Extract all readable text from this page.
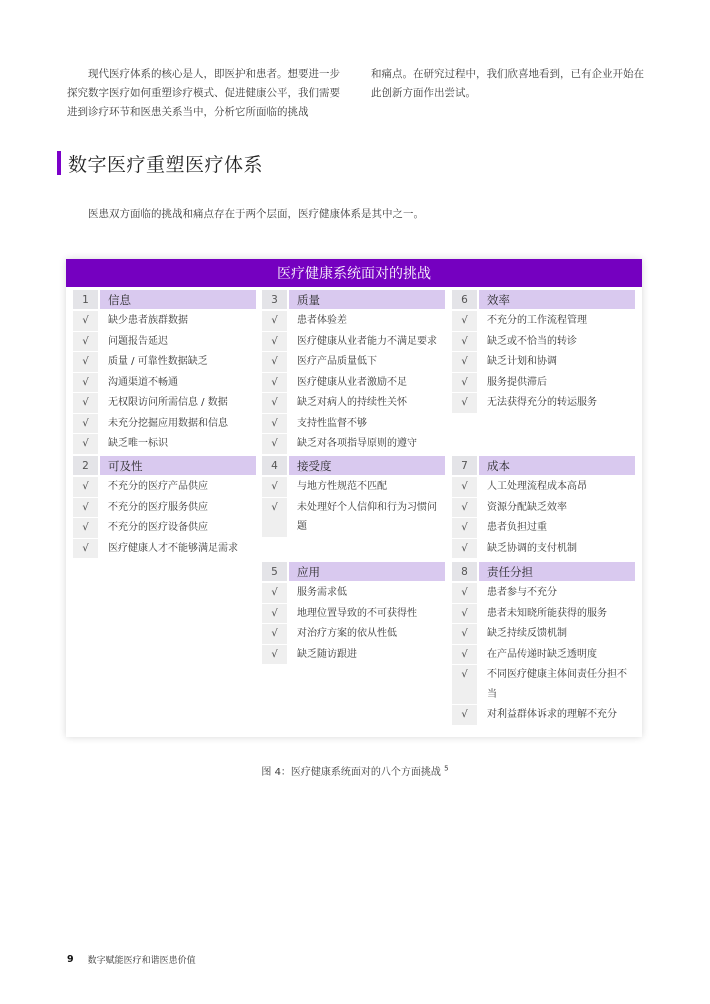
现代医疗体系的核心是人，即医护和患者。想要进一步探究数字医疗如何重塑诊疗模式、促进健康公平，我们需要进到诊疗环节和医患关系当中，分析它所面临的挑战

和痛点。在研究过程中，我们欣喜地看到，已有企业开始在此创新方面作出尝试。

数字医疗重塑医疗体系

医患双方面临的挑战和痛点存在于两个层面，医疗健康体系是其中之一。

医疗健康系统面对的挑战
1	信息
√	缺少患者族群数据
√	问题报告延迟
√	质量 / 可靠性数据缺乏
√	沟通渠道不畅通
√	无权限访问所需信息 / 数据
√	未充分挖掘应用数据和信息
√	缺乏唯一标识
2	可及性
√	不充分的医疗产品供应
√	不充分的医疗服务供应
√	不充分的医疗设备供应
√	医疗健康人才不能够满足需求
3	质量
√	患者体验差
√	医疗健康从业者能力不满足要求
√	医疗产品质量低下
√	医疗健康从业者激励不足
√	缺乏对病人的持续性关怀
√	支持性监督不够
√	缺乏对各项指导原则的遵守
4	接受度
√	与地方性规范不匹配
√	未处理好个人信仰和行为习惯问题
5	应用
√	服务需求低
√	地理位置导致的不可获得性
√	对治疗方案的依从性低
√	缺乏随访跟进
6	效率
√	不充分的工作流程管理
√	缺乏或不恰当的转诊
√	缺乏计划和协调
√	服务提供滞后
√	无法获得充分的转运服务
7	成本
√	人工处理流程成本高昂
√	资源分配缺乏效率
√	患者负担过重
√	缺乏协调的支付机制
8	责任分担
√	患者参与不充分
√	患者未知晓所能获得的服务
√	缺乏持续反馈机制
√	在产品传递时缺乏透明度
√	不同医疗健康主体间责任分担不当
√	对利益群体诉求的理解不充分
图 4：医疗健康系统面对的八个方面挑战 $^5$
9 数字赋能医疗和谐医患价值
